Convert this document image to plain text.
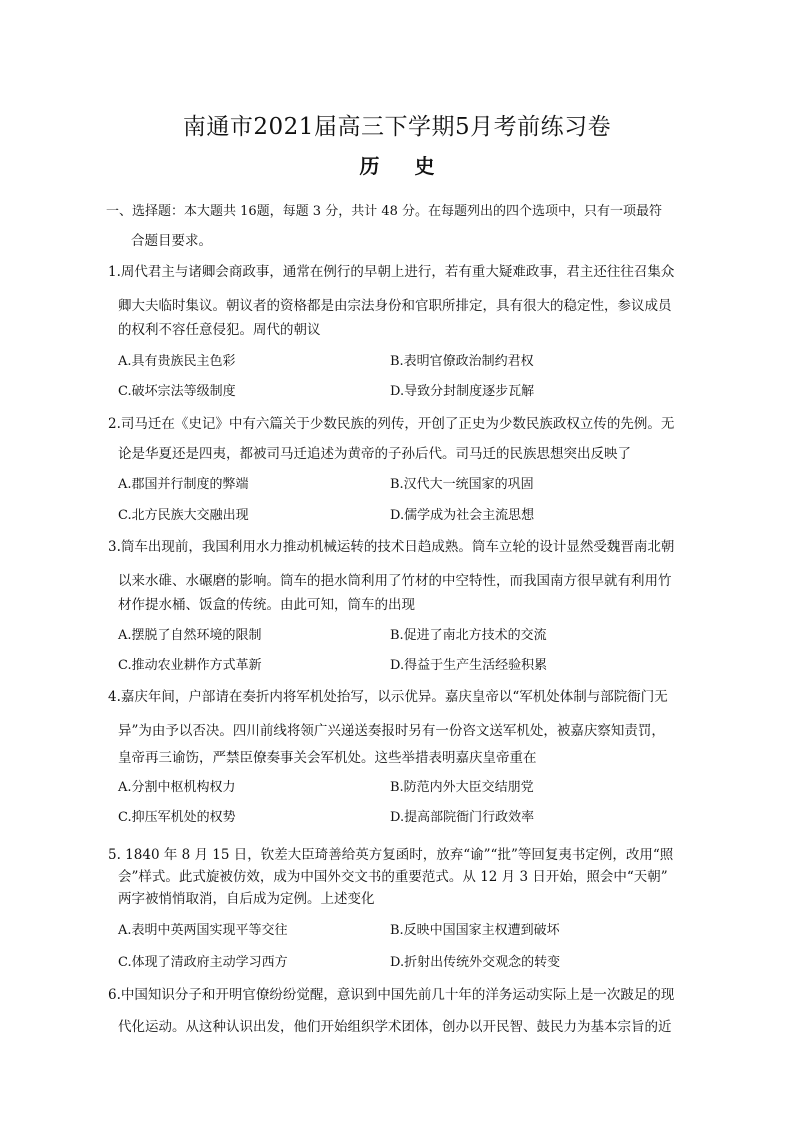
南通市2021届高三下学期5月考前练习卷
历 史
一、选择题：本大题共 16题，每题 3 分，共计 48 分。在每题列出的四个选项中，只有一项最符
合题目要求。
1.周代君主与诸卿会商政事，通常在例行的早朝上进行，若有重大疑难政事，君主还往往召集众
卿大夫临时集议。朝议者的资格都是由宗法身份和官职所排定，具有很大的稳定性，参议成员
的权利不容任意侵犯。周代的朝议
A.具有贵族民主色彩	B.表明官僚政治制约君权
C.破坏宗法等级制度	D.导致分封制度逐步瓦解
2.司马迁在《史记》中有六篇关于少数民族的列传，开创了正史为少数民族政权立传的先例。无
论是华夏还是四夷，都被司马迁追述为黄帝的子孙后代。司马迁的民族思想突出反映了
A.郡国并行制度的弊端	B.汉代大一统国家的巩固
C.北方民族大交融出现	D.儒学成为社会主流思想
3.筒车出现前，我国利用水力推动机械运转的技术日趋成熟。筒车立轮的设计显然受魏晋南北朝
以来水碓、水碾磨的影响。筒车的挹水筒利用了竹材的中空特性，而我国南方很早就有利用竹
材作提水桶、饭盒的传统。由此可知，筒车的出现
A.摆脱了自然环境的限制	B.促进了南北方技术的交流
C.推动农业耕作方式革新	D.得益于生产生活经验积累
4.嘉庆年间，户部请在奏折内将军机处抬写，以示优异。嘉庆皇帝以“军机处体制与部院衙门无
异”为由予以否决。四川前线将领广兴递送奏报时另有一份咨文送军机处，被嘉庆察知责罚，
皇帝再三谕饬，严禁臣僚奏事关会军机处。这些举措表明嘉庆皇帝重在
A.分割中枢机构权力	B.防范内外大臣交结朋党
C.抑压军机处的权势	D.提高部院衙门行政效率
5. 1840 年 8 月 15 日，钦差大臣琦善给英方复函时，放弃“谕”“批”等回复夷书定例，改用“照
会”样式。此式旋被仿效，成为中国外交文书的重要范式。从 12 月 3 日开始，照会中“天朝”
两字被悄悄取消，自后成为定例。上述变化
A.表明中英两国实现平等交往	B.反映中国国家主权遭到破坏
C.体现了清政府主动学习西方	D.折射出传统外交观念的转变
6.中国知识分子和开明官僚纷纷觉醒，意识到中国先前几十年的洋务运动实际上是一次跛足的现
代化运动。从这种认识出发，他们开始组织学术团体，创办以开民智、鼓民力为基本宗旨的近
